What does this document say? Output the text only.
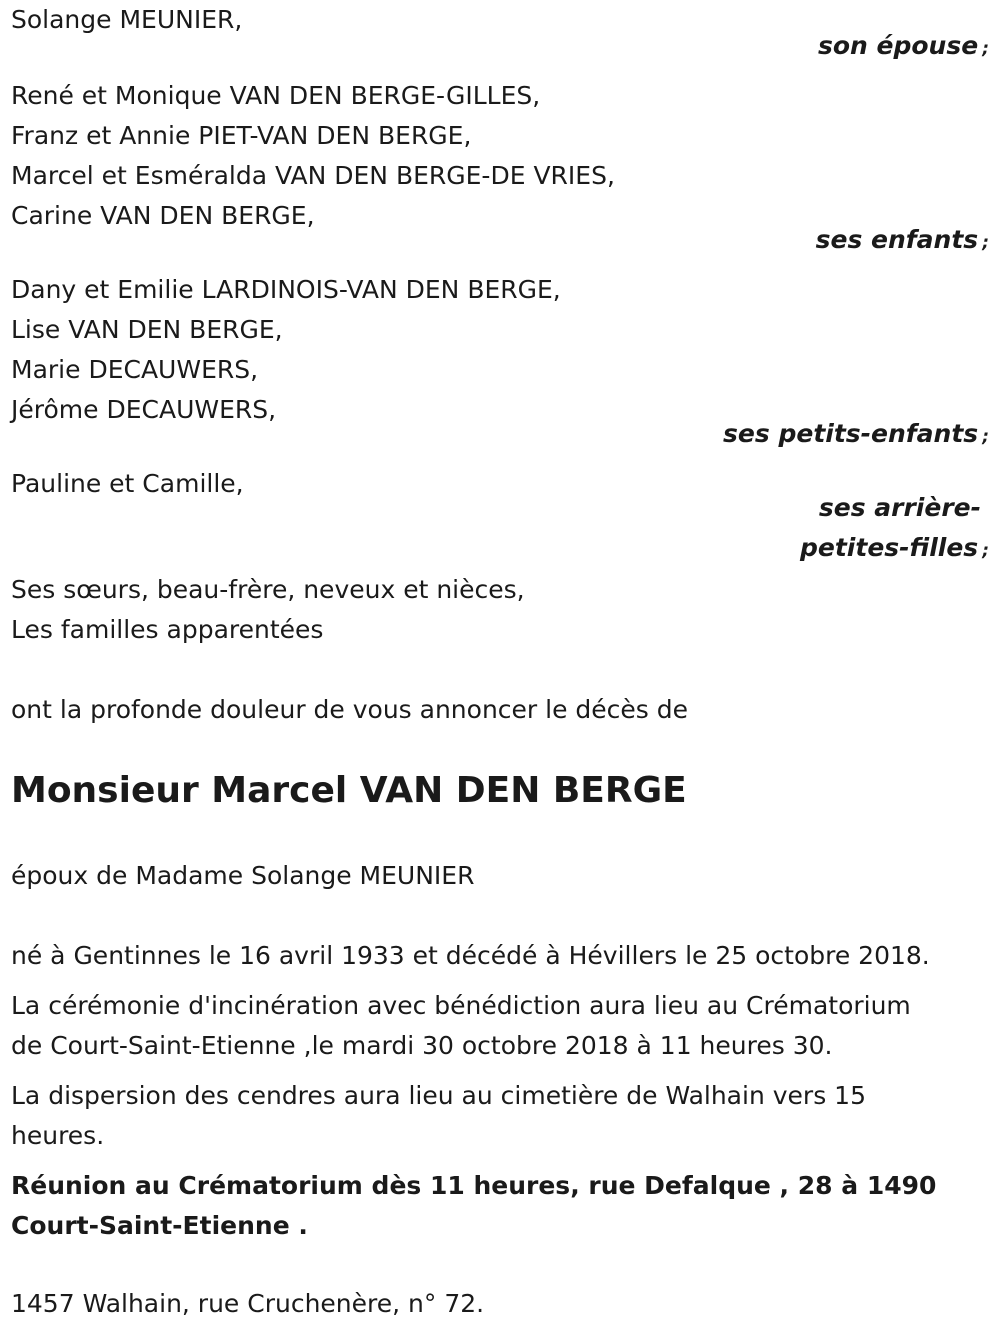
Solange MEUNIER,
son épouse ;
René et Monique VAN DEN BERGE-GILLES,
Franz et Annie PIET-VAN DEN BERGE,
Marcel et Esméralda VAN DEN BERGE-DE VRIES,
Carine VAN DEN BERGE,
ses enfants ;
Dany et Emilie LARDINOIS-VAN DEN BERGE,
Lise VAN DEN BERGE,
Marie DECAUWERS,
Jérôme DECAUWERS,
ses petits-enfants ;
Pauline et Camille,
ses arrière-
petites-filles ;
Ses sœurs, beau-frère, neveux et nièces,
Les familles apparentées
ont la profonde douleur de vous annoncer le décès de
Monsieur Marcel VAN DEN BERGE
époux de Madame Solange MEUNIER
né à Gentinnes le 16 avril 1933 et décédé à Hévillers le 25 octobre 2018.
La cérémonie d'incinération avec bénédiction aura lieu au Crématorium
de Court-Saint-Etienne ,le mardi 30 octobre 2018 à 11 heures 30.
La dispersion des cendres aura lieu au cimetière de Walhain vers 15
heures.
Réunion au Crématorium dès 11 heures, rue Defalque , 28 à 1490
Court-Saint-Etienne .
1457 Walhain, rue Cruchenère, n° 72.
